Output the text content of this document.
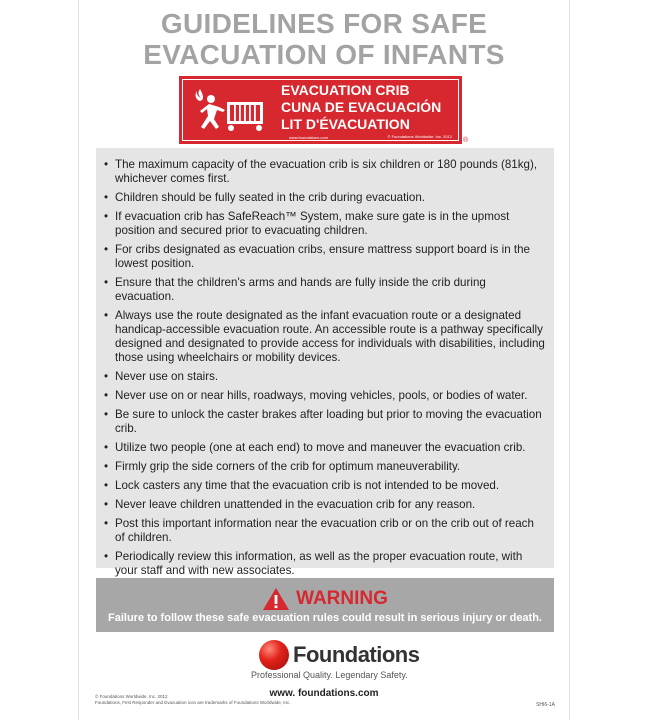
GUIDELINES FOR SAFE
EVACUATION OF INFANTS
EVACUATION CRIB
CUNA DE EVACUACIÓN
LIT D'ÉVACUATION
www.foundations.com	© Foundations Worldwide, Inc. 2012
®
• The maximum capacity of the evacuation crib is six children or 180 pounds (81kg), whichever comes first.
• Children should be fully seated in the crib during evacuation.
• If evacuation crib has SafeReach™ System, make sure gate is in the upmost position and secured prior to evacuating children.
• For cribs designated as evacuation cribs, ensure mattress support board is in the lowest position.
• Ensure that the children's arms and hands are fully inside the crib during evacuation.
• Always use the route designated as the infant evacuation route or a designated handicap-accessible evacuation route. An accessible route is a pathway specifically designed and designated to provide access for individuals with disabilities, including those using wheelchairs or mobility devices.
• Never use on stairs.
• Never use on or near hills, roadways, moving vehicles, pools, or bodies of water.
• Be sure to unlock the caster brakes after loading but prior to moving the evacuation crib.
• Utilize two people (one at each end) to move and maneuver the evacuation crib.
• Firmly grip the side corners of the crib for optimum maneuverability.
• Lock casters any time that the evacuation crib is not intended to be moved.
• Never leave children unattended in the evacuation crib for any reason.
• Post this important information near the evacuation crib or on the crib out of reach of children.
• Periodically review this information, as well as the proper evacuation route, with your staff and with new associates.
WARNING
Failure to follow these safe evacuation rules could result in serious injury or death.
Foundations
Professional Quality. Legendary Safety.
www. foundations.com
© Foundations Worldwide, Inc. 2012
Foundations, First Responder and Evacuation icon are trademarks of Foundations Worldwide, Inc.	SHI6-1A
